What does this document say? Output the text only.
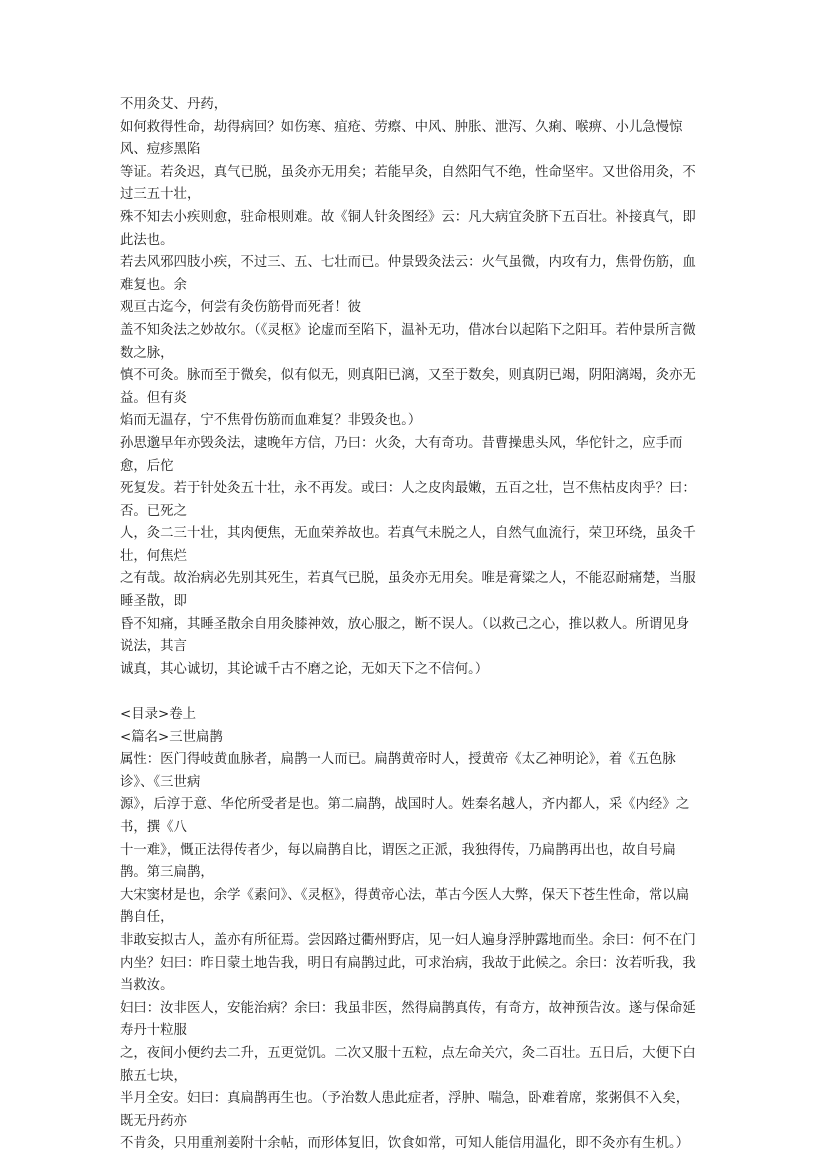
不用灸艾、丹药，

如何救得性命，劫得病回？如伤寒、疽疮、劳瘵、中风、肿胀、泄泻、久痢、喉痹、小儿急慢惊风、痘疹黑陷

等证。若灸迟，真气已脱，虽灸亦无用矣；若能早灸，自然阳气不绝，性命坚牢。又世俗用灸，不过三五十壮，

殊不知去小疾则愈，驻命根则难。故《铜人针灸图经》云：凡大病宜灸脐下五百壮。补接真气，即此法也。

若去风邪四肢小疾，不过三、五、七壮而已。仲景毁灸法云：火气虽微，内攻有力，焦骨伤筋，血难复也。余

观亘古迄今，何尝有灸伤筋骨而死者！彼

盖不知灸法之妙故尔。（《灵枢》论虚而至陷下，温补无功，借冰台以起陷下之阳耳。若仲景所言微数之脉，

慎不可灸。脉而至于微矣，似有似无，则真阳已漓，又至于数矣，则真阴已竭，阴阳漓竭，灸亦无益。但有炎

焰而无温存，宁不焦骨伤筋而血难复？非毁灸也。）

孙思邈早年亦毁灸法，逮晚年方信，乃曰：火灸，大有奇功。昔曹操患头风，华佗针之，应手而愈，后佗

死复发。若于针处灸五十壮，永不再发。或曰：人之皮肉最嫩，五百之壮，岂不焦枯皮肉乎？曰：否。已死之

人，灸二三十壮，其肉便焦，无血荣养故也。若真气未脱之人，自然气血流行，荣卫环绕，虽灸千壮，何焦烂

之有哉。故治病必先别其死生，若真气已脱，虽灸亦无用矣。唯是膏粱之人，不能忍耐痛楚，当服睡圣散，即

昏不知痛，其睡圣散余自用灸膝神效，放心服之，断不误人。（以救己之心，推以救人。所谓见身说法，其言

诚真，其心诚切，其论诚千古不磨之论，无如天下之不信何。）

<目录>卷上

<篇名>三世扁鹊

属性：医门得岐黄血脉者，扁鹊一人而已。扁鹊黄帝时人，授黄帝《太乙神明论》，着《五色脉诊》、《三世病

源》，后淳于意、华佗所受者是也。第二扁鹊，战国时人。姓秦名越人，齐内都人，采《内经》之书，撰《八

十一难》，慨正法得传者少，每以扁鹊自比，谓医之正派，我独得传，乃扁鹊再出也，故自号扁鹊。第三扁鹊，

大宋窦材是也，余学《素问》、《灵枢》，得黄帝心法，革古今医人大弊，保天下苍生性命，常以扁鹊自任，

非敢妄拟古人，盖亦有所征焉。尝因路过衢州野店，见一妇人遍身浮肿露地而坐。余曰：何不在门内坐？妇曰：昨日蒙土地告我，明日有扁鹊过此，可求治病，我故于此候之。余曰：汝若听我，我当救汝。

妇曰：汝非医人，安能治病？余曰：我虽非医，然得扁鹊真传，有奇方，故神预告汝。遂与保命延寿丹十粒服

之，夜间小便约去二升，五更觉饥。二次又服十五粒，点左命关穴，灸二百壮。五日后，大便下白脓五七块，

半月全安。妇曰：真扁鹊再生也。（予治数人患此症者，浮肿、喘急，卧难着席，浆粥俱不入矣，既无丹药亦

不肯灸，只用重剂姜附十余帖，而形体复旧，饮食如常，可知人能信用温化，即不灸亦有生机。）
